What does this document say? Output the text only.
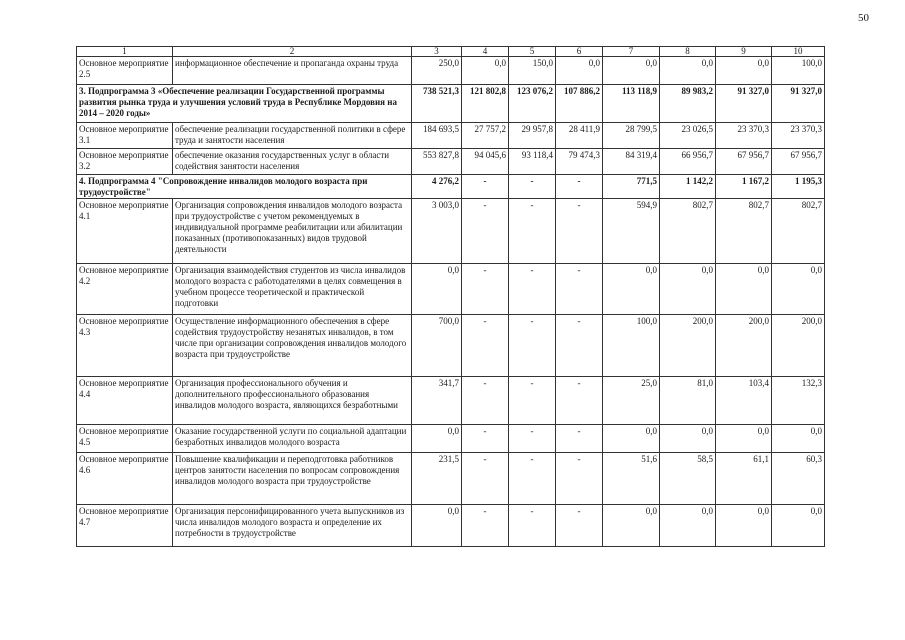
50
1	2	3	4	5	6	7	8	9	10
Основное мероприятие 2.5	информационное обеспечение и пропаганда охраны труда	250,0	0,0	150,0	0,0	0,0	0,0	0,0	100,0
3. Подпрограмма 3 «Обеспечение реализации Государственной программы развития рынка труда и улучшения условий труда в Республике Мордовия на 2014 – 2020 годы»		738 521,3	121 802,8	123 076,2	107 886,2	113 118,9	89 983,2	91 327,0	91 327,0
Основное мероприятие 3.1	обеспечение реализации государственной политики в сфере труда и занятости населения	184 693,5	27 757,2	29 957,8	28 411,9	28 799,5	23 026,5	23 370,3	23 370,3
Основное мероприятие 3.2	обеспечение оказания государственных услуг в области содействия занятости населения	553 827,8	94 045,6	93 118,4	79 474,3	84 319,4	66 956,7	67 956,7	67 956,7
4. Подпрограмма 4 "Сопровождение инвалидов молодого возраста при трудоустройстве"		4 276,2	-	-	-	771,5	1 142,2	1 167,2	1 195,3
Основное мероприятие 4.1	Организация сопровождения инвалидов молодого возраста при трудоустройстве с учетом рекомендуемых в индивидуальной программе реабилитации или абилитации показанных (противопоказанных) видов трудовой деятельности	3 003,0	-	-	-	594,9	802,7	802,7	802,7
Основное мероприятие 4.2	Организация взаимодействия студентов из числа инвалидов молодого возраста с работодателями в целях совмещения в учебном процессе теоретической и практической подготовки	0,0	-	-	-	0,0	0,0	0,0	0,0
Основное мероприятие 4.3	Осуществление информационного обеспечения в сфере содействия трудоустройству незанятых инвалидов, в том числе при организации сопровождения инвалидов молодого возраста при трудоустройстве	700,0	-	-	-	100,0	200,0	200,0	200,0
Основное мероприятие 4.4	Организация профессионального обучения и дополнительного профессионального образования инвалидов молодого возраста, являющихся безработными	341,7	-	-	-	25,0	81,0	103,4	132,3
Основное мероприятие 4.5	Оказание государственной услуги по социальной адаптации безработных инвалидов молодого возраста	0,0	-	-	-	0,0	0,0	0,0	0,0
Основное мероприятие 4.6	Повышение квалификации и переподготовка работников центров занятости населения по вопросам сопровождения инвалидов молодого возраста при трудоустройстве	231,5	-	-	-	51,6	58,5	61,1	60,3
Основное мероприятие 4.7	Организация персонифицированного учета выпускников из числа инвалидов молодого возраста и определение их потребности в трудоустройстве	0,0	-	-	-	0,0	0,0	0,0	0,0
